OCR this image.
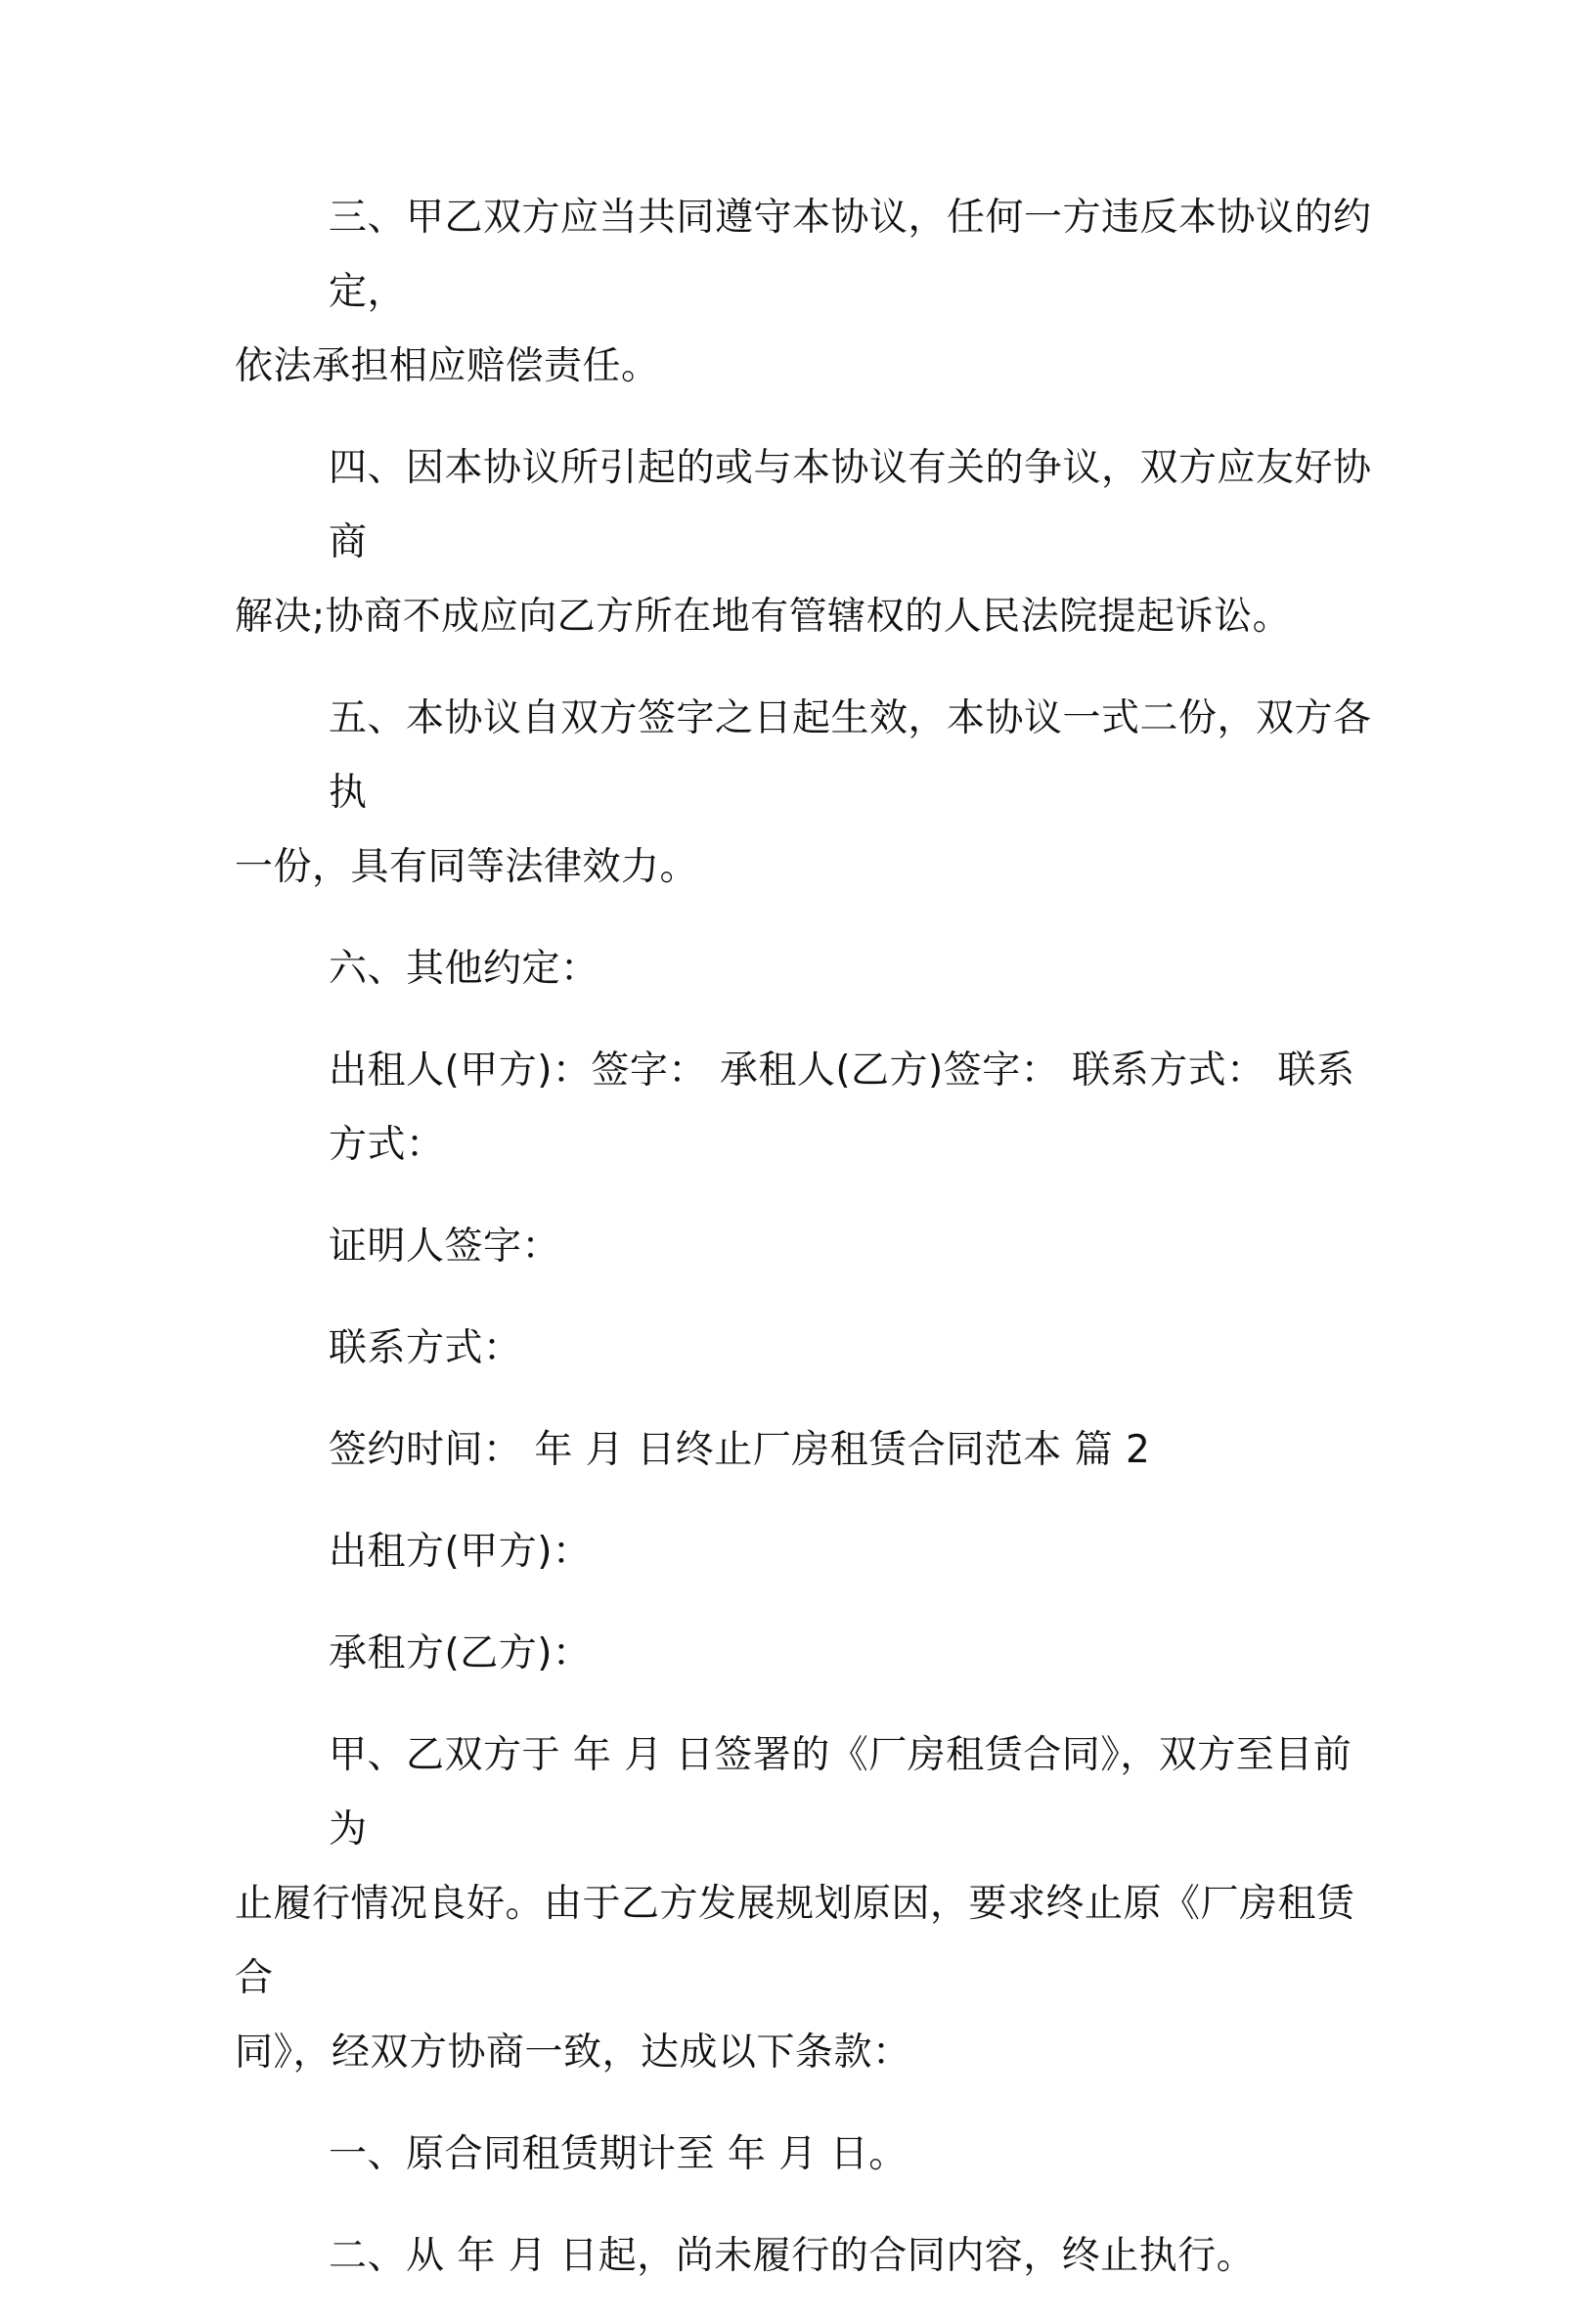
三、甲乙双方应当共同遵守本协议，任何一方违反本协议的约定，
依法承担相应赔偿责任。

四、因本协议所引起的或与本协议有关的争议，双方应友好协商
解决;协商不成应向乙方所在地有管辖权的人民法院提起诉讼。

五、本协议自双方签字之日起生效，本协议一式二份，双方各执
一份，具有同等法律效力。

六、其他约定：

出租人(甲方)：签字： 承租人(乙方)签字： 联系方式： 联系方式：

证明人签字：

联系方式：

签约时间： 年 月 日终止厂房租赁合同范本 篇 2

出租方(甲方)：

承租方(乙方)：

甲、乙双方于 年 月 日签署的《厂房租赁合同》，双方至目前为
止履行情况良好。由于乙方发展规划原因，要求终止原《厂房租赁合
同》，经双方协商一致，达成以下条款：

一、原合同租赁期计至 年 月 日。

二、从 年 月 日起，尚未履行的合同内容，终止执行。
